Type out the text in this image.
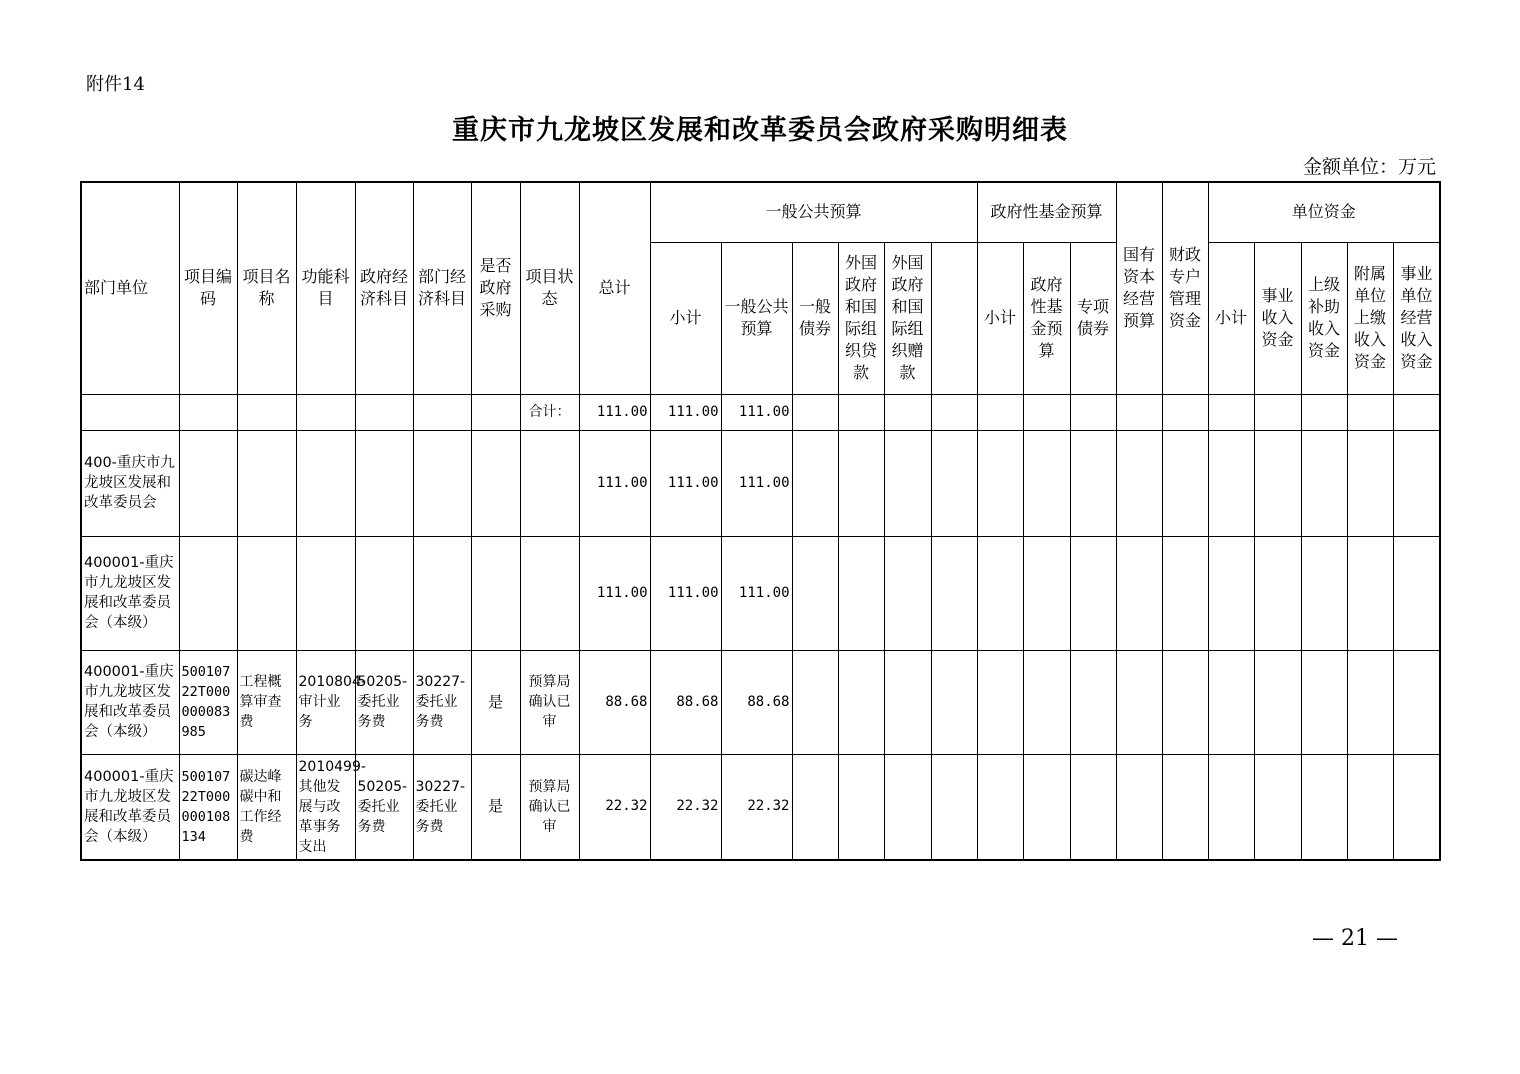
附件14
重庆市九龙坡区发展和改革委员会政府采购明细表
金额单位：万元
部门单位	项目编码	项目名称	功能科目	政府经济科目	部门经济科目	是否政府采购	项目状态	总计	一般公共预算						政府性基金预算			国有资本经营预算	财政专户管理资金	单位资金					
									小计	一般公共预算	一般债券	外国政府和国际组织贷款	外国政府和国际组织赠款		小计	政府性基金预算	专项债券			小计	事业收入资金	上级补助收入资金	附属单位上缴收入资金	事业单位经营收入资金	
							合计：	111.00	111.00	111.00															
400-重庆市九龙坡区发展和改革委员会								111.00	111.00	111.00															
400001-重庆市九龙坡区发展和改革委员会（本级）								111.00	111.00	111.00															
400001-重庆市九龙坡区发展和改革委员会（本级）	50010722T000000083985	工程概算审查费	2010804-审计业务	50205-委托业务费	30227-委托业务费	是	预算局确认已审	88.68	88.68	88.68															
400001-重庆市九龙坡区发展和改革委员会（本级）	50010722T000000108134	碳达峰碳中和工作经费	2010499-其他发展与改革事务支出	50205-委托业务费	30227-委托业务费	是	预算局确认已审	22.32	22.32	22.32															
— 21 —
